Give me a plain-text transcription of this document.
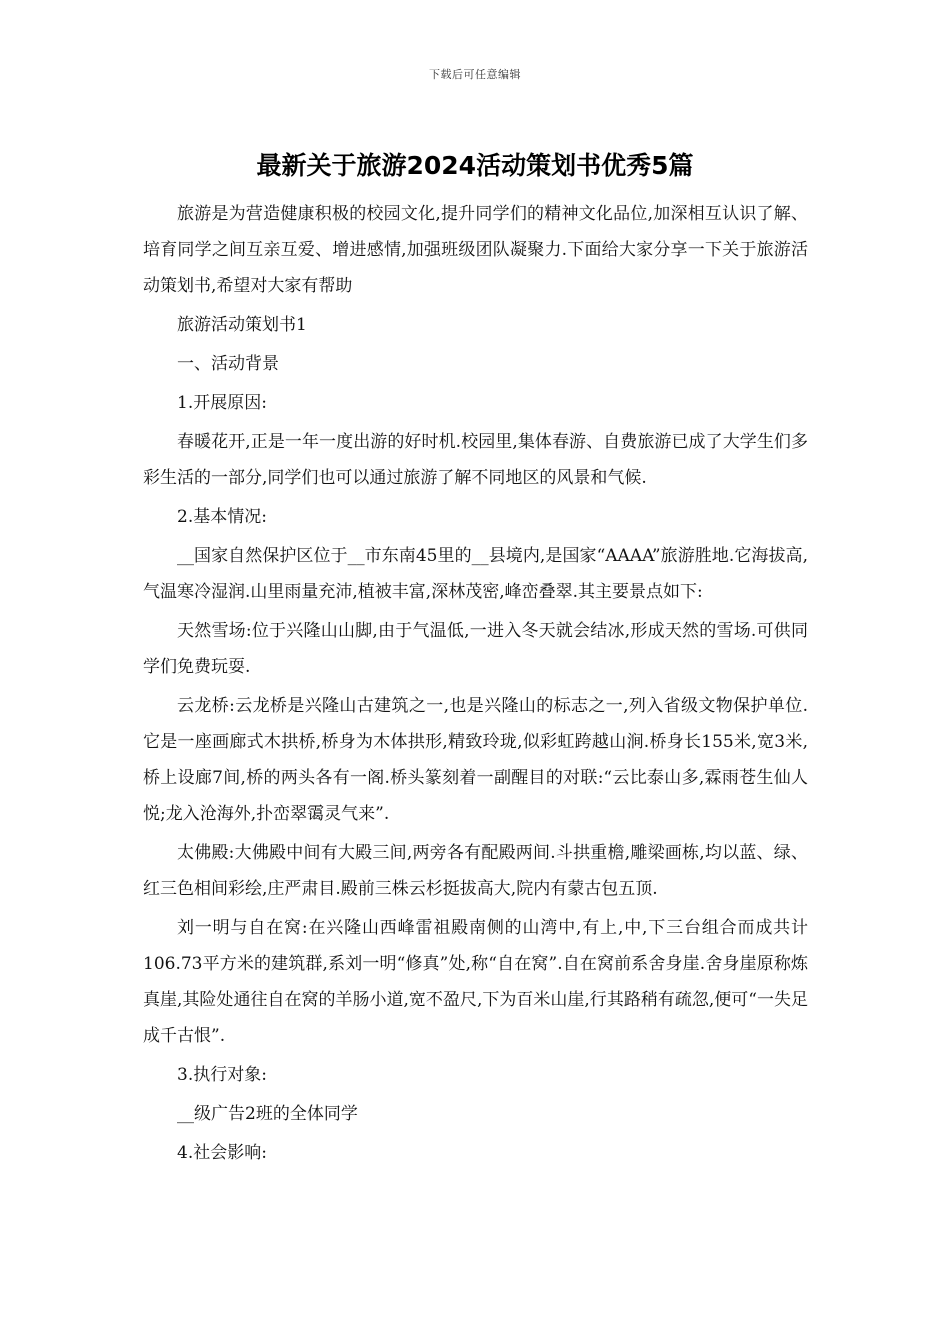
下载后可任意编辑
最新关于旅游2024活动策划书优秀5篇

旅游是为营造健康积极的校园文化,提升同学们的精神文化品位,加深相互认识了解、培育同学之间互亲互爱、增进感情,加强班级团队凝聚力.下面给大家分享一下关于旅游活动策划书,希望对大家有帮助

旅游活动策划书1

一、活动背景

1.开展原因:

春暖花开,正是一年一度出游的好时机.校园里,集体春游、自费旅游已成了大学生们多彩生活的一部分,同学们也可以通过旅游了解不同地区的风景和气候.

2.基本情况:

__国家自然保护区位于__市东南45里的__县境内,是国家“AAAA”旅游胜地.它海拔高,气温寒冷湿润.山里雨量充沛,植被丰富,深林茂密,峰峦叠翠.其主要景点如下:

天然雪场:位于兴隆山山脚,由于气温低,一进入冬天就会结冰,形成天然的雪场.可供同学们免费玩耍.

云龙桥:云龙桥是兴隆山古建筑之一,也是兴隆山的标志之一,列入省级文物保护单位.它是一座画廊式木拱桥,桥身为木体拱形,精致玲珑,似彩虹跨越山涧.桥身长155米,宽3米,桥上设廊7间,桥的两头各有一阁.桥头篆刻着一副醒目的对联:“云比泰山多,霖雨苍生仙人悦;龙入沧海外,扑峦翠霭灵气来”.

太佛殿:大佛殿中间有大殿三间,两旁各有配殿两间.斗拱重檐,雕梁画栋,均以蓝、绿、红三色相间彩绘,庄严肃目.殿前三株云杉挺拔高大,院内有蒙古包五顶.

刘一明与自在窝:在兴隆山西峰雷祖殿南侧的山湾中,有上,中,下三台组合而成共计106.73平方米的建筑群,系刘一明“修真”处,称“自在窝”.自在窝前系舍身崖.舍身崖原称炼真崖,其险处通往自在窝的羊肠小道,宽不盈尺,下为百米山崖,行其路稍有疏忽,便可“一失足成千古恨”.

3.执行对象:

__级广告2班的全体同学

4.社会影响:
